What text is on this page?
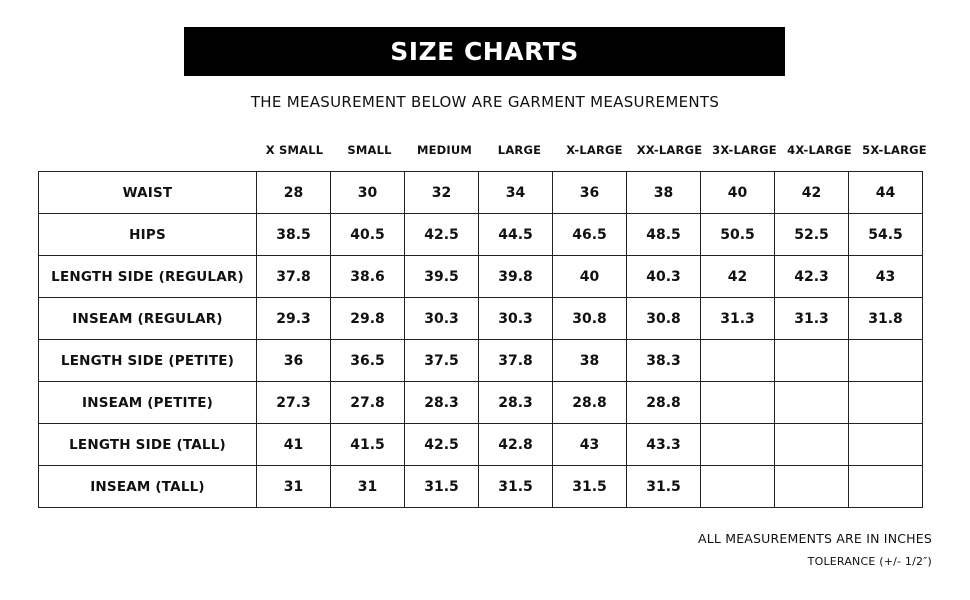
SIZE CHARTS
THE MEASUREMENT BELOW ARE GARMENT MEASUREMENTS
X SMALL	SMALL	MEDIUM	LARGE	X-LARGE	XX-LARGE 3X-LARGE 4X-LARGE 5X-LARGE
WAIST	28	30	32	34	36	38	40	42	44
HIPS	38.5	40.5	42.5	44.5	46.5	48.5	50.5	52.5	54.5
LENGTH SIDE (REGULAR)	37.8	38.6	39.5	39.8	40	40.3	42	42.3	43
INSEAM (REGULAR)	29.3	29.8	30.3	30.3	30.8	30.8	31.3	31.3	31.8
LENGTH SIDE (PETITE)	36	36.5	37.5	37.8	38	38.3			
INSEAM (PETITE)	27.3	27.8	28.3	28.3	28.8	28.8			
LENGTH SIDE (TALL)	41	41.5	42.5	42.8	43	43.3			
INSEAM (TALL)	31	31	31.5	31.5	31.5	31.5			
ALL MEASUREMENTS ARE IN INCHES
TOLERANCE (+/- 1/2″)
